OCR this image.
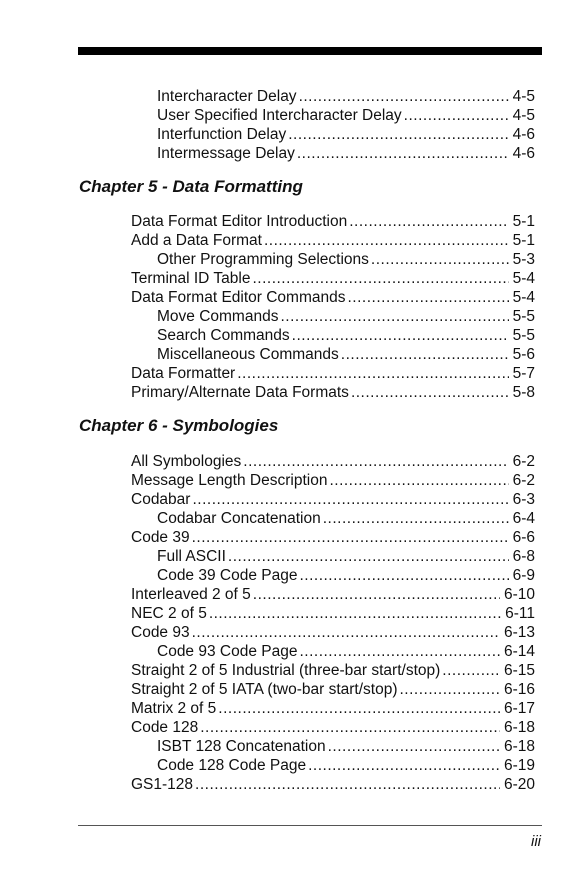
Intercharacter Delay .....	4-5
User Specified Intercharacter Delay .....	4-5
Interfunction Delay .....	4-6
Intermessage Delay .....	4-6
Chapter 5 - Data Formatting
Data Format Editor Introduction .....	5-1
Add a Data Format .....	5-1
Other Programming Selections .....	5-3
Terminal ID Table .....	5-4
Data Format Editor Commands .....	5-4
Move Commands .....	5-5
Search Commands .....	5-5
Miscellaneous Commands .....	5-6
Data Formatter .....	5-7
Primary/Alternate Data Formats .....	5-8
Chapter 6 - Symbologies
All Symbologies .....	6-2
Message Length Description .....	6-2
Codabar .....	6-3
Codabar Concatenation .....	6-4
Code 39 .....	6-6
Full ASCII .....	6-8
Code 39 Code Page .....	6-9
Interleaved 2 of 5 .....	6-10
NEC 2 of 5 .....	6-11
Code 93 .....	6-13
Code 93 Code Page .....	6-14
Straight 2 of 5 Industrial (three-bar start/stop) .....	6-15
Straight 2 of 5 IATA (two-bar start/stop) .....	6-16
Matrix 2 of 5 .....	6-17
Code 128 .....	6-18
ISBT 128 Concatenation .....	6-18
Code 128 Code Page .....	6-19
GS1-128 .....	6-20
iii
